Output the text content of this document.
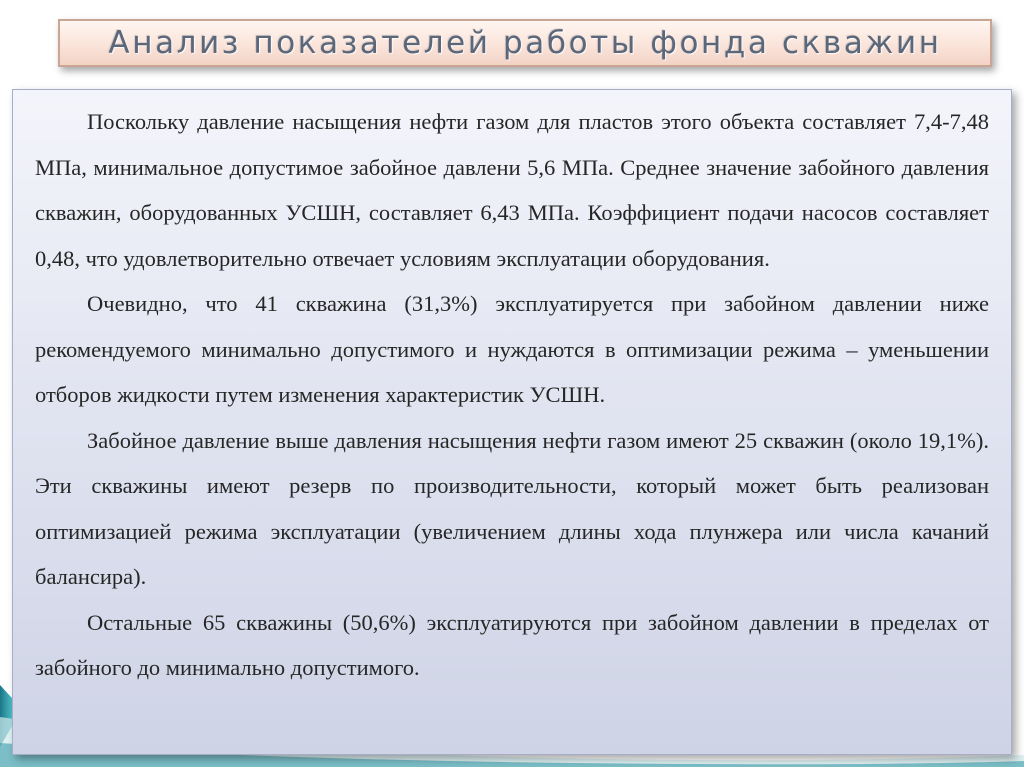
Анализ показателей работы фонда скважин

Поскольку давление насыщения нефти газом для пластов этого объекта составляет 7,4-7,48 МПа, минимальное допустимое забойное давлени 5,6 МПа. Среднее значение забойного давления скважин, оборудованных УСШН, составляет 6,43 МПа. Коэффициент подачи насосов составляет 0,48, что удовлетворительно отвечает условиям эксплуатации оборудования.

Очевидно, что 41 скважина (31,3%) эксплуатируется при забойном давлении ниже рекомендуемого минимально допустимого и нуждаются в оптимизации режима – уменьшении отборов жидкости путем изменения характеристик УСШН.

Забойное давление выше давления насыщения нефти газом имеют 25 скважин (около 19,1%). Эти скважины имеют резерв по производительности, который может быть реализован оптимизацией режима эксплуатации (увеличением длины хода плунжера или числа качаний балансира).

Остальные 65 скважины (50,6%) эксплуатируются при забойном давлении в пределах от забойного до минимально допустимого.
